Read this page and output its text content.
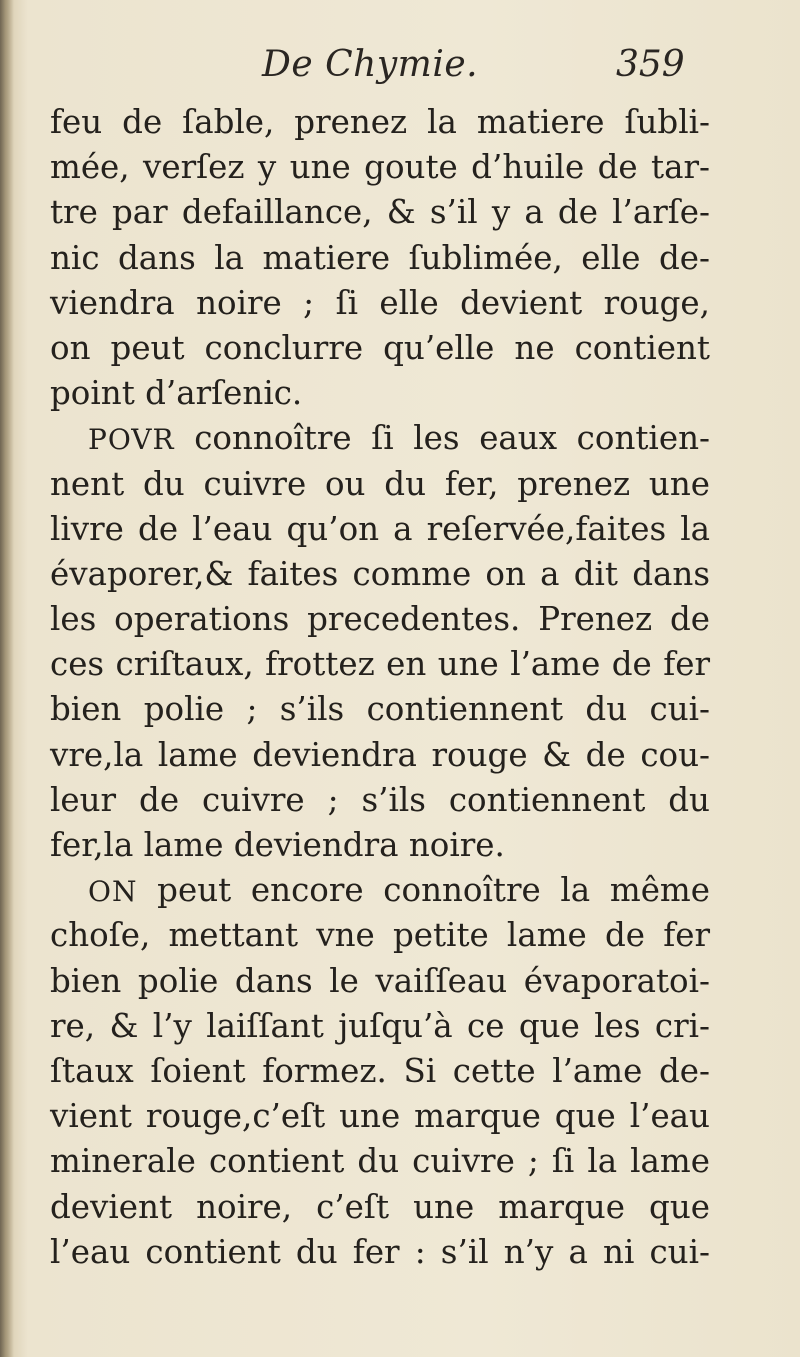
De Chymie.	359
feu de ſable, prenez la matiere ſubli-
mée, verſez y une goute d’huile de tar-
tre par defaillance, & s’il y a de l’arſe-
nic dans la matiere ſublimée, elle de-
viendra noire ; ſi elle devient rouge,
on peut conclurre qu’elle ne contient
point d’arſenic.
POVR connoître ſi les eaux contien-
nent du cuivre ou du fer, prenez une
livre de l’eau qu’on a reſervée,faites la
évaporer,& faites comme on a dit dans
les operations precedentes. Prenez de
ces criſtaux, frottez en une l’ame de fer
bien polie ; s’ils contiennent du cui-
vre,la lame deviendra rouge & de cou-
leur de cuivre ; s’ils contiennent du
fer,la lame deviendra noire.
ON peut encore connoître la même
choſe, mettant vne petite lame de fer
bien polie dans le vaiſſeau évaporatoi-
re, & l’y laiſſant juſqu’à ce que les cri-
ſtaux ſoient formez. Si cette l’ame de-
vient rouge,c’eſt une marque que l’eau
minerale contient du cuivre ; ſi la lame
devient noire, c’eſt une marque que
l’eau contient du fer : s’il n’y a ni cui-
